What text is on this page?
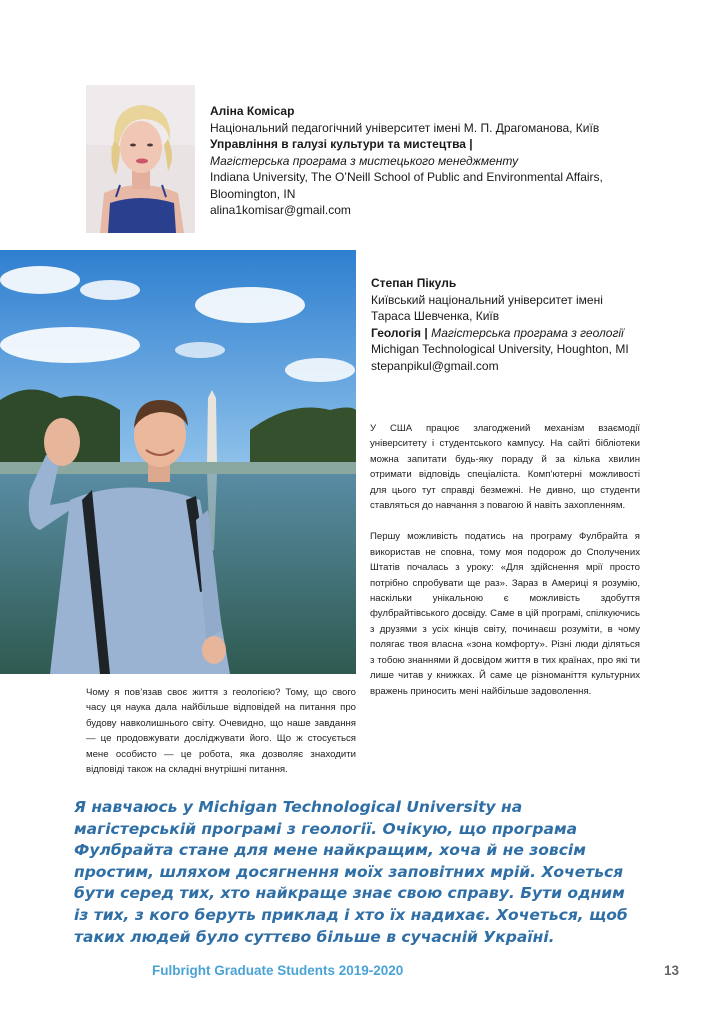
Аліна Комісар
Національний педагогічний університет імені М. П. Драгоманова, Київ
Управління в галузі культури та мистецтва |
Магістерська програма з мистецького менеджменту
Indiana University, The O’Neill School of Public and Environmental Affairs,
Bloomington, IN
alina1komisar@gmail.com
Степан Пікуль
Київський національний університет імені
Тараса Шевченка, Київ
Геологія | Магістерська програма з геології
Michigan Technological University, Houghton, MI
stepanpikul@gmail.com

У США працює злагоджений механізм взаємодії університету і студентського кампусу. На сайті бібліотеки можна запитати будь-яку пораду й за кілька хвилин отримати відповідь спеціаліста. Комп’ютерні можливості для цього тут справді безмежні. Не дивно, що студенти ставляться до навчання з повагою й навіть захопленням.

Першу можливість податись на програму Фулбрайта я використав не сповна, тому моя подорож до Сполучених Штатів почалась з уроку: «Для здійснення мрії просто потрібно спробувати ще раз». Зараз в Америці я розумію, наскільки унікальною є можливість здобуття фулбрайтівського досвіду. Саме в цій програмі, спілкуючись з друзями з усіх кінців світу, починаєш розуміти, в чому полягає твоя власна «зона комфорту». Різні люди діляться з тобою знаннями й досвідом життя в тих країнах, про які ти лише читав у книжках. Й саме це різноманіття культурних вражень приносить мені найбільше задоволення.

Чому я пов’язав своє життя з геологією? Тому, що свого часу ця наука дала найбільше відповідей на питання про будову навколишнього світу. Очевидно, що наше завдання — це продовжувати досліджувати його. Що ж стосується мене особисто — це робота, яка дозволяє знаходити відповіді також на складні внутрішні питання.

Я навчаюсь у Michigan Technological University на магістерській програмі з геології. Очікую, що програма Фулбрайта стане для мене найкращим, хоча й не зовсім простим, шляхом досягнення моїх заповітних мрій. Хочеться бути серед тих, хто найкраще знає свою справу. Бути одним із тих, з кого беруть приклад і хто їх надихає. Хочеться, щоб таких людей було суттєво більше в сучасній Україні.

Fulbright Graduate Students 2019-2020	13
